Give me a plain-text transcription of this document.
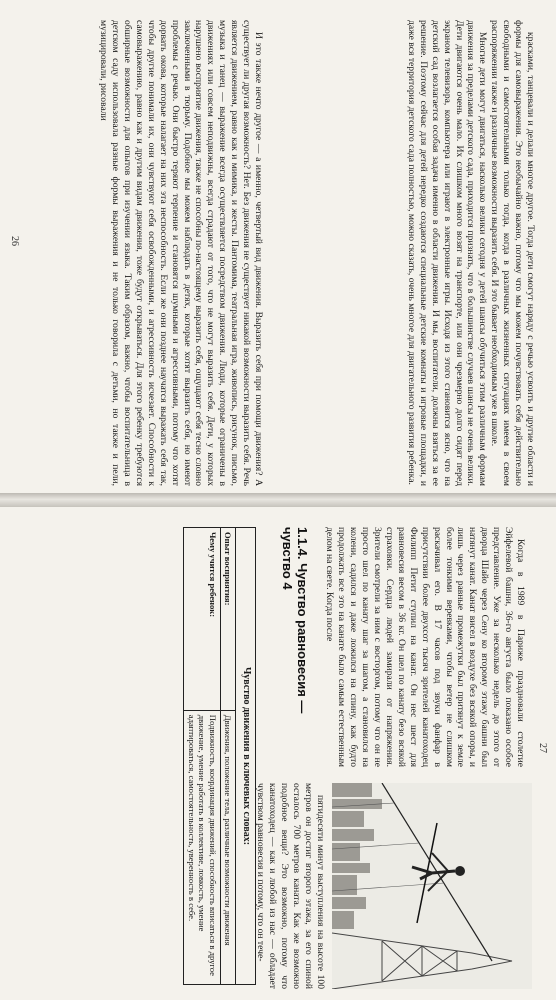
26	И это также нечто другое — а именно, четвертый вид движения. Выразить себя при помощи движения? А существует ли другая возможность? Нет. Без движения не существует никакой возможности выразить себя. Речь является движением, равно как и мимика, и жесты. Пантомима, театральная игра, живопись, рисунок, письмо, музыка и танец — выражение всегда осуществляется посредством движения. Люди, которые ограничены в движениях или совсем неподвижны, всегда страдают от того, что не могут выразить себя. Дети, у которых нарушено восприятие движения, также не способны по-настоящему выразить себя, ощущают себя тесно словно заключенными в тюрьму. Подобное мы можем наблюдать в детях, которые хотят выразить себя, но имеют проблемы с речью. Они быстро теряют терпение и становятся шумными и агрессивными, потому что хотят дорвать окова, которые налагает на них эта неспособность. Если же они позднее научатся выражать себя так, чтобы другие понимали их, они чувствуют себя освобожденными, и агрессивность исчезает. Способности к самовыражению, равно как и другим видам движения, тоже будут открываться. Для этого ребенку требуются обширные возможности для опытов при изучении языка. Таким образом, важно, чтобы воспитательница в детском саду использовала разные формы выражения и не только говорила с детьми, но также и пели, музицировали, рисовали	красками, танцевали и делали многое другое. Тогда дети смогут наряду с речью усвоить и другие области и формы для самовыражения. Это необычайно важно, потому что мы можем почувствовать себя действительно свободными и самостоятельными только тогда, когда в различных жизненных ситуациях имеем в своем распоряжении также и различные возможности выразить себя. И это бывает необходимым уже в школе.

Многие дети могут двигаться, насколько велики сегодня у детей шансы обучиться этим различным формам движения за пределами детского сада, приходится признать, что в большинстве случаев шансы не очень велики. Дети двигаются очень мало. Их слишком много возят на транспорте, или они чрезмерно долго сидят перед экраном телевизора, компьютера или играют в электронные игры. Исходя из этого становится ясно, что на детский сад возлагается особая задача именно в области движения. И мы, воспитатели, должны взяться за ее решение. Поэтому сейчас для детей нередко создаются специальные детские комнаты и игровые площадки, и даже вся территория детского сада полностью, можно сказать, очень многое для двигательного развития ребенка.

27
Чувство движения в ключевых словах:	
Опыт восприятия:	Движения, положение тела, различные возможности движения
Чему учится ребенок:	Подвижность, координация движений, способность вписаться в другое движение, умение работать в коллективе, ловкость, умение адаптироваться, самостоятельность, уверенность в себе.
1.1.4. Чувство равновесия — чувство 4	Когда в 1989 в Париже праздновали столетие Эйфелевой башни, 36-го августа было показано особое представление. Уже за несколько недель до этого от дворца Шайо через Сену ко второму этажу башни был натянут канат. Канат висел в воздухе без всякой опоры, и лишь через равные промежутки был притянут к земле более тонкими веревками, чтобы ветер не слишком раскачивал его. В 17 часов под звуки фанфар в присутствии более двухсот тысяч зрителей канатоходец Филипп Петит ступил на канат. Он нес шест для равновесия весом в 36 кг. Он шел по канату безо всякой страховки. Сердца людей замирали от напряжения. Зрители смотрели за ним с восторгом, потому что он не просто шел по канату шаг за шагом, а становился на колени, садился и даже ложился на спину, как будто продолжать все это на канате было самым естественным делом на свете. Когда после

пятидесяти минут выступления на высоте 100 метров он достиг второго этажа, за его спиной осталось 700 метров каната. Как же возможно подобное вещи? Это возможно, потому что канатоходец — как и любой из нас — обладает чувством равновесия и потому, что он тече-
